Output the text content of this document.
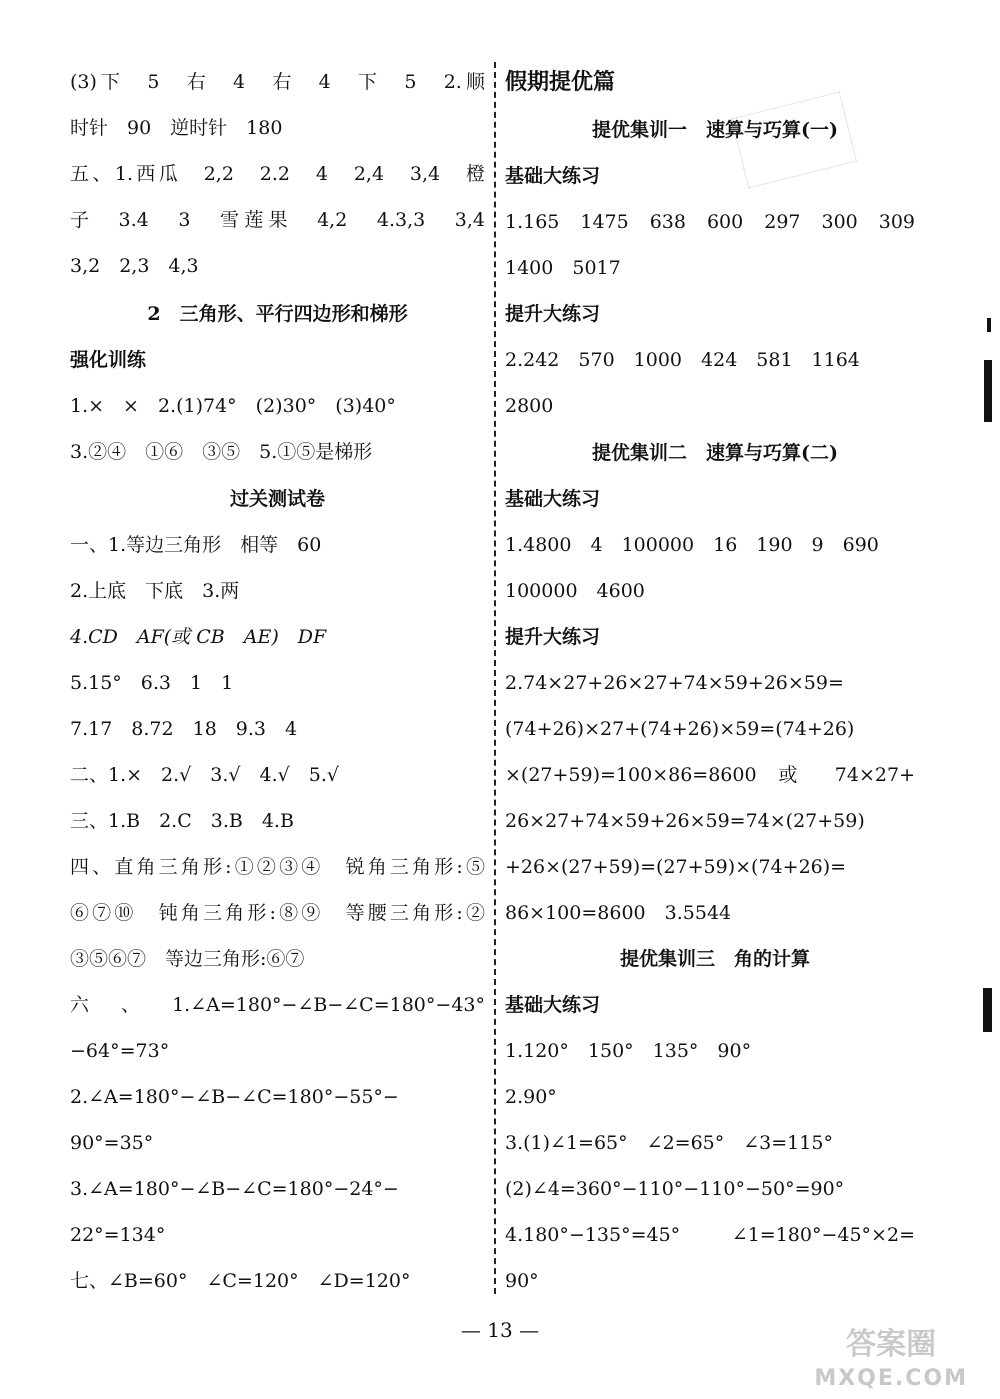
(3)下　5　右　4　右　4　下　5　2.顺
时针　90　逆时针　180
五、1.西瓜　2,2　2.2　4　2,4　3,4　橙
子　3.4　3　雪莲果　4,2　4.3,3　3,4
3,2　2,3　4,3
2　三角形、平行四边形和梯形
强化训练
1.×　×　2.(1)74°　(2)30°　(3)40°
3.②④　①⑥　③⑤　5.①⑤是梯形
过关测试卷
一、1.等边三角形　相等　60
2.上底　下底　3.两
4.CD　AF(或 CB　AE)　DF
5.15°　6.3　1　1
7.17　8.72　18　9.3　4
二、1.×　2.√　3.√　4.√　5.√
三、1.B　2.C　3.B　4.B
四、直角三角形:①②③④　锐角三角形:⑤
⑥⑦⑩　钝角三角形:⑧⑨　等腰三角形:②
③⑤⑥⑦　等边三角形:⑥⑦
六、1.∠A=180°−∠B−∠C=180°−43°
−64°=73°
2.∠A=180°−∠B−∠C=180°−55°−
90°=35°
3.∠A=180°−∠B−∠C=180°−24°−
22°=134°
七、∠B=60°　∠C=120°　∠D=120°
假期提优篇
提优集训一　速算与巧算(一)
基础大练习
1.165　1475　638　600　297　300　309
1400　5017
提升大练习
2.242　570　1000　424　581　1164
2800
提优集训二　速算与巧算(二)
基础大练习
1.4800　4　100000　16　190　9　690
100000　4600
提升大练习
2.74×27+26×27+74×59+26×59=
(74+26)×27+(74+26)×59=(74+26)
×(27+59)=100×86=8600 或 74×27+
26×27+74×59+26×59=74×(27+59)
+26×(27+59)=(27+59)×(74+26)=
86×100=8600　3.5544
提优集训三　角的计算
基础大练习
1.120°　150°　135°　90°
2.90°
3.(1)∠1=65°　∠2=65°　∠3=115°
(2)∠4=360°−110°−110°−50°=90°
4.180°−135°=45°　∠1=180°−45°×2=
90°
— 13 —	答案圈
MXQE.COM
